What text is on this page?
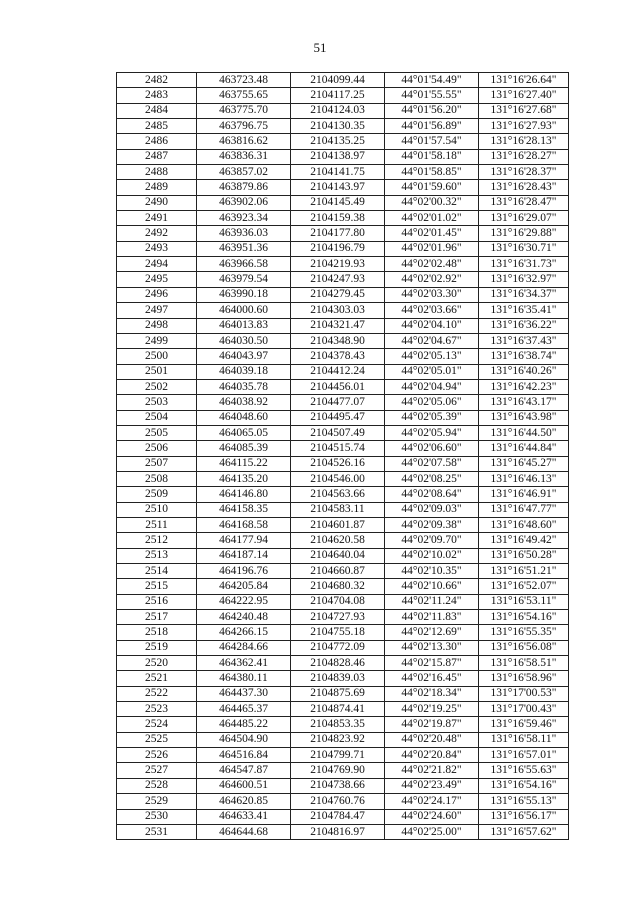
51
2482	463723.48	2104099.44	44°01'54.49"	131°16'26.64"
2483	463755.65	2104117.25	44°01'55.55"	131°16'27.40"
2484	463775.70	2104124.03	44°01'56.20"	131°16'27.68"
2485	463796.75	2104130.35	44°01'56.89"	131°16'27.93"
2486	463816.62	2104135.25	44°01'57.54"	131°16'28.13"
2487	463836.31	2104138.97	44°01'58.18"	131°16'28.27"
2488	463857.02	2104141.75	44°01'58.85"	131°16'28.37"
2489	463879.86	2104143.97	44°01'59.60"	131°16'28.43"
2490	463902.06	2104145.49	44°02'00.32"	131°16'28.47"
2491	463923.34	2104159.38	44°02'01.02"	131°16'29.07"
2492	463936.03	2104177.80	44°02'01.45"	131°16'29.88"
2493	463951.36	2104196.79	44°02'01.96"	131°16'30.71"
2494	463966.58	2104219.93	44°02'02.48"	131°16'31.73"
2495	463979.54	2104247.93	44°02'02.92"	131°16'32.97"
2496	463990.18	2104279.45	44°02'03.30"	131°16'34.37"
2497	464000.60	2104303.03	44°02'03.66"	131°16'35.41"
2498	464013.83	2104321.47	44°02'04.10"	131°16'36.22"
2499	464030.50	2104348.90	44°02'04.67"	131°16'37.43"
2500	464043.97	2104378.43	44°02'05.13"	131°16'38.74"
2501	464039.18	2104412.24	44°02'05.01"	131°16'40.26"
2502	464035.78	2104456.01	44°02'04.94"	131°16'42.23"
2503	464038.92	2104477.07	44°02'05.06"	131°16'43.17"
2504	464048.60	2104495.47	44°02'05.39"	131°16'43.98"
2505	464065.05	2104507.49	44°02'05.94"	131°16'44.50"
2506	464085.39	2104515.74	44°02'06.60"	131°16'44.84"
2507	464115.22	2104526.16	44°02'07.58"	131°16'45.27"
2508	464135.20	2104546.00	44°02'08.25"	131°16'46.13"
2509	464146.80	2104563.66	44°02'08.64"	131°16'46.91"
2510	464158.35	2104583.11	44°02'09.03"	131°16'47.77"
2511	464168.58	2104601.87	44°02'09.38"	131°16'48.60"
2512	464177.94	2104620.58	44°02'09.70"	131°16'49.42"
2513	464187.14	2104640.04	44°02'10.02"	131°16'50.28"
2514	464196.76	2104660.87	44°02'10.35"	131°16'51.21"
2515	464205.84	2104680.32	44°02'10.66"	131°16'52.07"
2516	464222.95	2104704.08	44°02'11.24"	131°16'53.11"
2517	464240.48	2104727.93	44°02'11.83"	131°16'54.16"
2518	464266.15	2104755.18	44°02'12.69"	131°16'55.35"
2519	464284.66	2104772.09	44°02'13.30"	131°16'56.08"
2520	464362.41	2104828.46	44°02'15.87"	131°16'58.51"
2521	464380.11	2104839.03	44°02'16.45"	131°16'58.96"
2522	464437.30	2104875.69	44°02'18.34"	131°17'00.53"
2523	464465.37	2104874.41	44°02'19.25"	131°17'00.43"
2524	464485.22	2104853.35	44°02'19.87"	131°16'59.46"
2525	464504.90	2104823.92	44°02'20.48"	131°16'58.11"
2526	464516.84	2104799.71	44°02'20.84"	131°16'57.01"
2527	464547.87	2104769.90	44°02'21.82"	131°16'55.63"
2528	464600.51	2104738.66	44°02'23.49"	131°16'54.16"
2529	464620.85	2104760.76	44°02'24.17"	131°16'55.13"
2530	464633.41	2104784.47	44°02'24.60"	131°16'56.17"
2531	464644.68	2104816.97	44°02'25.00"	131°16'57.62"
